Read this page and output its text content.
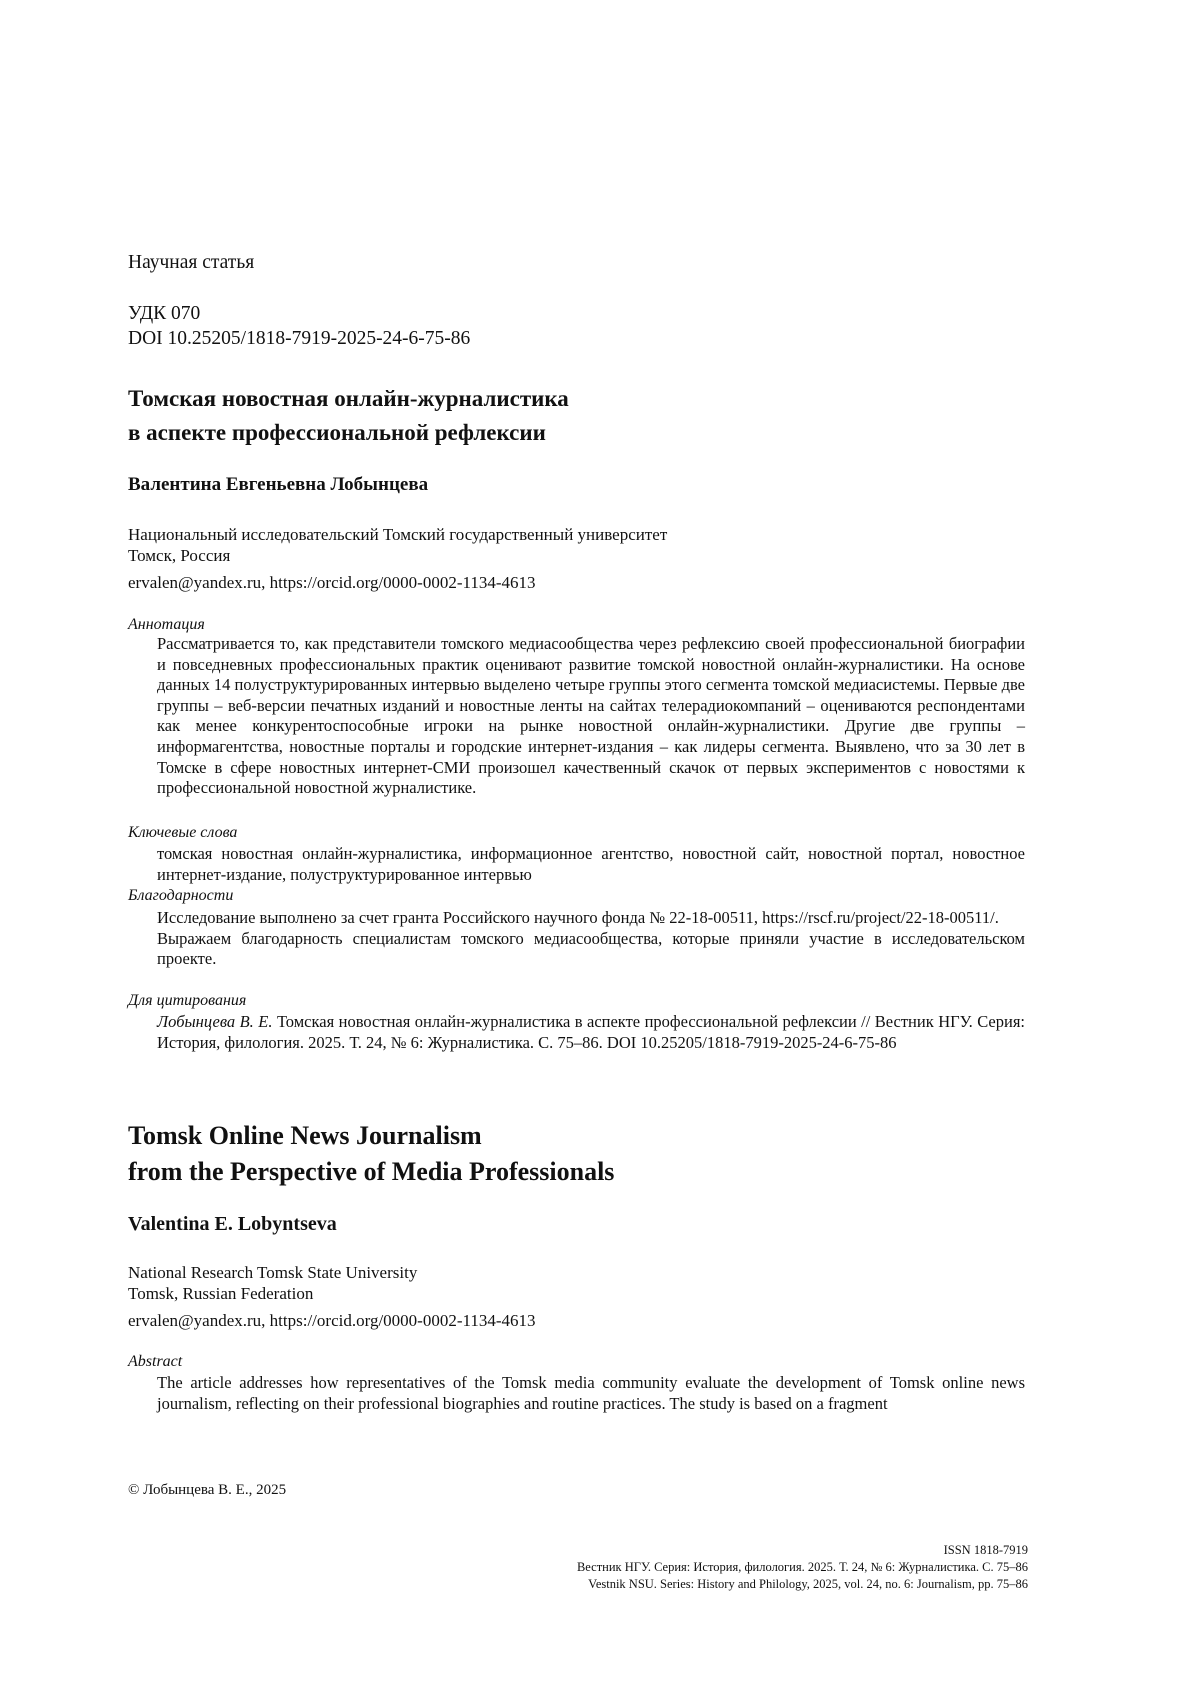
Научная статья
УДК 070
DOI 10.25205/1818-7919-2025-24-6-75-86
Томская новостная онлайн-журналистика
в аспекте профессиональной рефлексии
Валентина Евгеньевна Лобынцева
Национальный исследовательский Томский государственный университет
Томск, Россия
ervalen@yandex.ru, https://orcid.org/0000-0002-1134-4613
Аннотация
Рассматривается то, как представители томского медиасообщества через рефлексию своей профессиональной биографии и повседневных профессиональных практик оценивают развитие томской новостной онлайн-журналистики. На основе данных 14 полуструктурированных интервью выделено четыре группы этого сегмента томской медиасистемы. Первые две группы – веб-версии печатных изданий и новостные ленты на сайтах телерадиокомпаний – оцениваются респондентами как менее конкурентоспособные игроки на рынке новостной онлайн-журналистики. Другие две группы – информагентства, новостные порталы и городские интернет-издания – как лидеры сегмента. Выявлено, что за 30 лет в Томске в сфере новостных интернет-СМИ произошел качественный скачок от первых экспериментов с новостями к профессиональной новостной журналистике.
Ключевые слова
томская новостная онлайн-журналистика, информационное агентство, новостной сайт, новостной портал, новостное интернет-издание, полуструктурированное интервью
Благодарности

Исследование выполнено за счет гранта Российского научного фонда № 22-18-00511, https://rscf.ru/project/22-18-00511/.

Выражаем благодарность специалистам томского медиасообщества, которые приняли участие в исследовательском проекте.

Для цитирования
Лобынцева В. Е. Томская новостная онлайн-журналистика в аспекте профессиональной рефлексии // Вестник НГУ. Серия: История, филология. 2025. Т. 24, № 6: Журналистика. С. 75–86. DOI 10.25205/1818-7919-2025-24-6-75-86
Tomsk Online News Journalism
from the Perspective of Media Professionals
Valentina E. Lobyntseva
National Research Tomsk State University
Tomsk, Russian Federation
ervalen@yandex.ru, https://orcid.org/0000-0002-1134-4613
Abstract
The article addresses how representatives of the Tomsk media community evaluate the development of Tomsk online news journalism, reflecting on their professional biographies and routine practices. The study is based on a fragment
© Лобынцева В. Е., 2025
ISSN 1818-7919
Вестник НГУ. Серия: История, филология. 2025. Т. 24, № 6: Журналистика. С. 75–86
Vestnik NSU. Series: History and Philology, 2025, vol. 24, no. 6: Journalism, pp. 75–86
